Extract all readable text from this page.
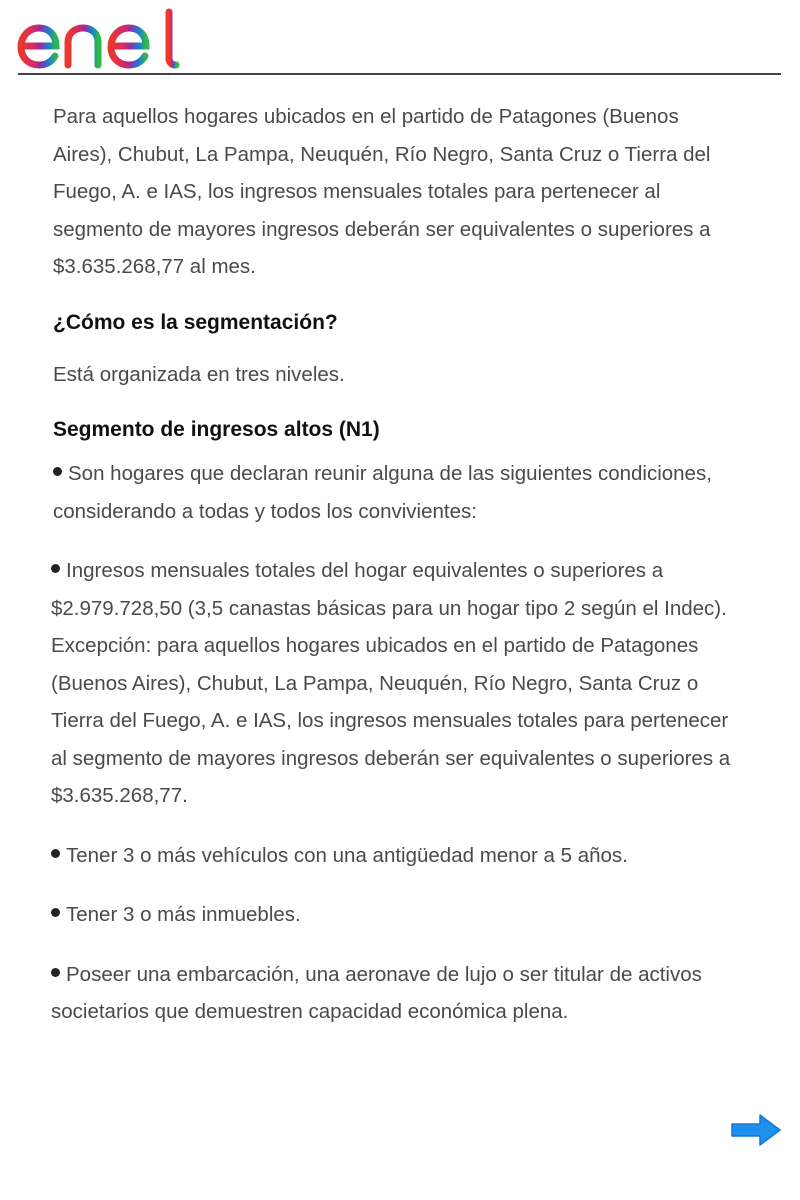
Para aquellos hogares ubicados en el partido de Patagones (Buenos Aires), Chubut, La Pampa, Neuquén, Río Negro, Santa Cruz o Tierra del Fuego, A. e IAS, los ingresos mensuales totales para pertenecer al segmento de mayores ingresos deberán ser equivalentes o superiores a $3.635.268,77 al mes.

¿Cómo es la segmentación?

Está organizada en tres niveles.

Segmento de ingresos altos (N1)

Son hogares que declaran reunir alguna de las siguientes condiciones, considerando a todas y todos los convivientes:

Ingresos mensuales totales del hogar equivalentes o superiores a $2.979.728,50 (3,5 canastas básicas para un hogar tipo 2 según el Indec). Excepción: para aquellos hogares ubicados en el partido de Patagones (Buenos Aires), Chubut, La Pampa, Neuquén, Río Negro, Santa Cruz o Tierra del Fuego, A. e IAS, los ingresos mensuales totales para pertenecer al segmento de mayores ingresos deberán ser equivalentes o superiores a $3.635.268,77.

Tener 3 o más vehículos con una antigüedad menor a 5 años.

Tener 3 o más inmuebles.

Poseer una embarcación, una aeronave de lujo o ser titular de activos societarios que demuestren capacidad económica plena.
